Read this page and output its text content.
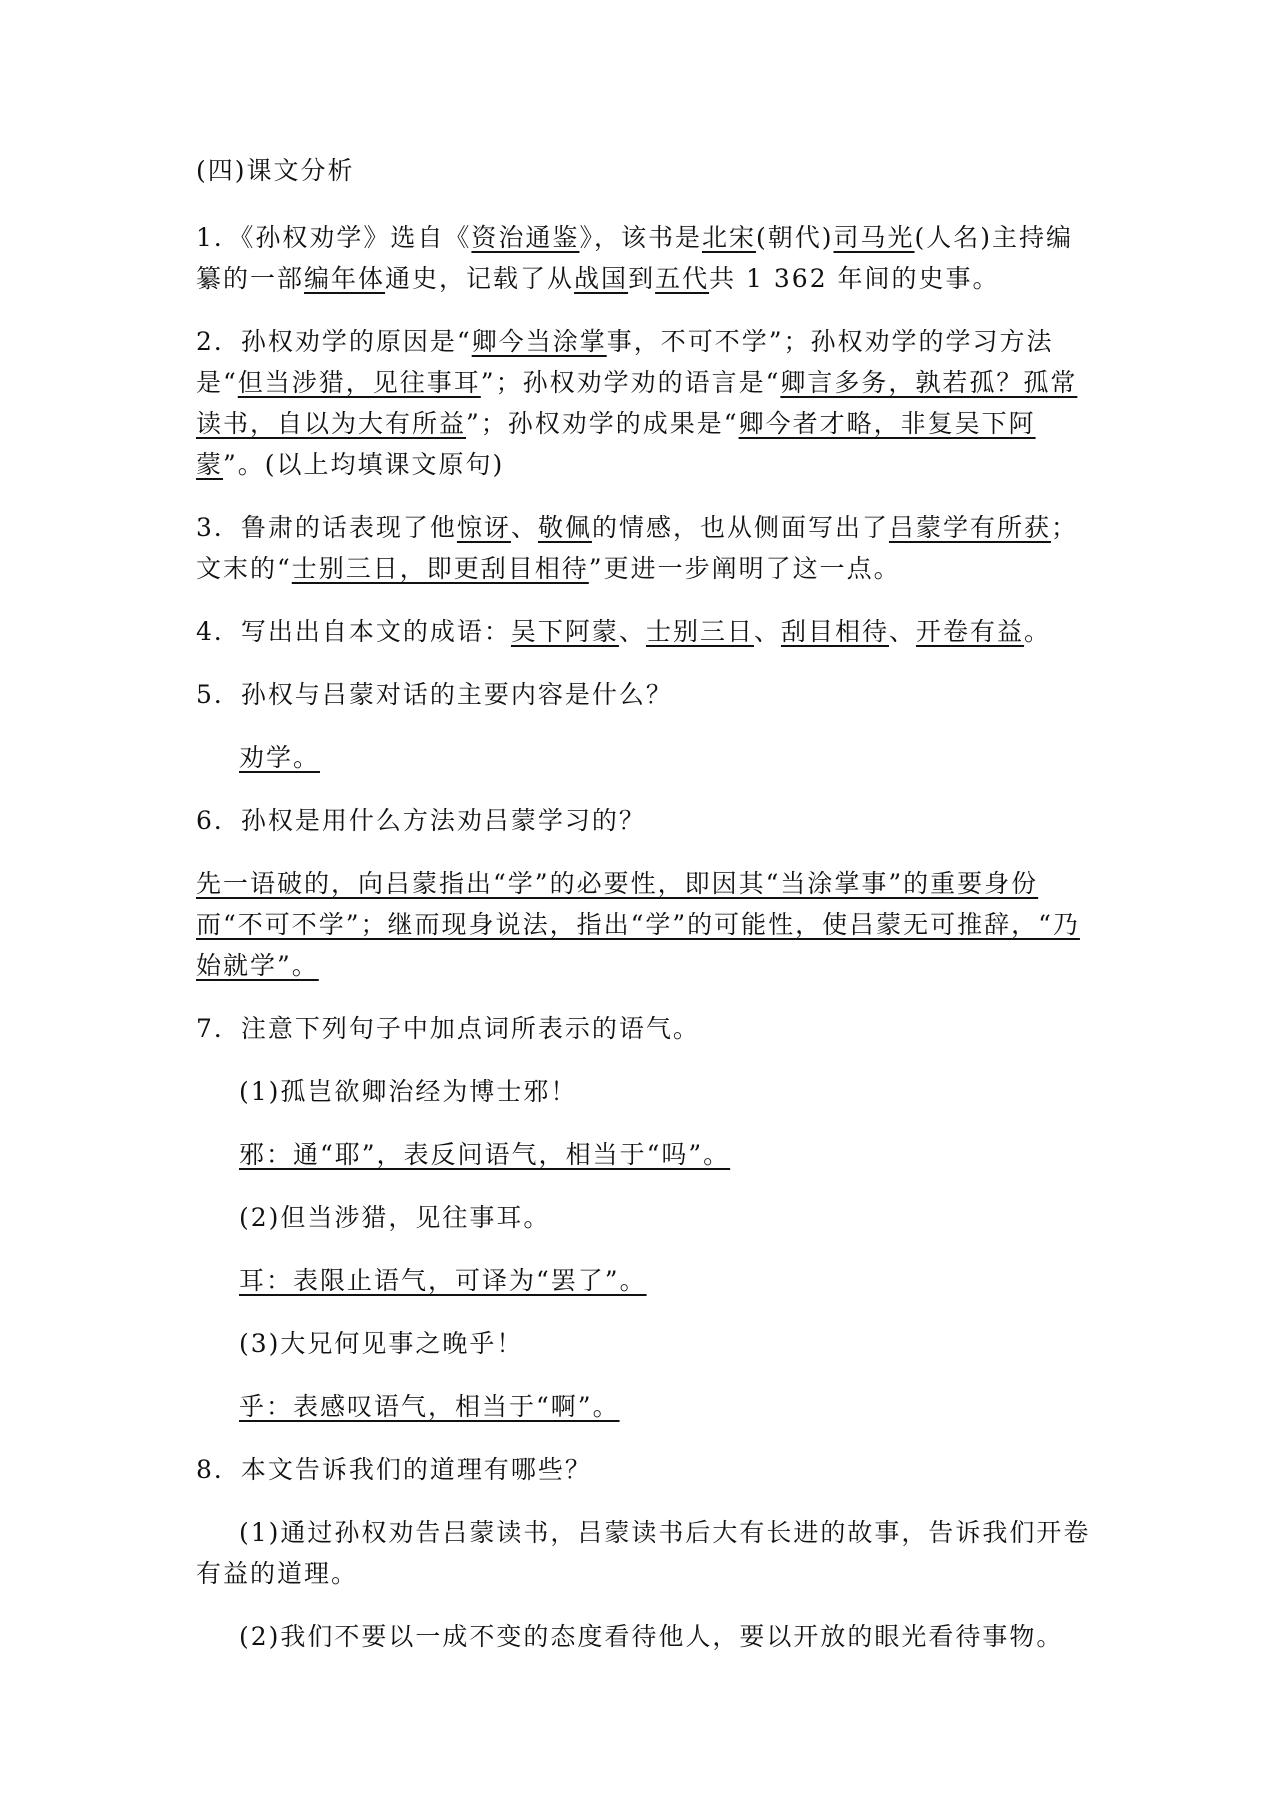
(四)课文分析

1．《孙权劝学》选自《资治通鉴》，该书是北宋(朝代)司马光(人名)主持编纂的一部编年体通史，记载了从战国到五代共 1 362 年间的史事。

2．孙权劝学的原因是“卿今当涂掌事，不可不学”；孙权劝学的学习方法是“但当涉猎，见往事耳”；孙权劝学劝的语言是“卿言多务，孰若孤？孤常读书，自以为大有所益”；孙权劝学的成果是“卿今者才略，非复吴下阿蒙”。(以上均填课文原句)

3．鲁肃的话表现了他惊讶、敬佩的情感，也从侧面写出了吕蒙学有所获；文末的“士别三日，即更刮目相待”更进一步阐明了这一点。

4．写出出自本文的成语：吴下阿蒙、士别三日、刮目相待、开卷有益。

5．孙权与吕蒙对话的主要内容是什么？

劝学。

6．孙权是用什么方法劝吕蒙学习的？

先一语破的，向吕蒙指出“学”的必要性，即因其“当涂掌事”的重要身份而“不可不学”；继而现身说法，指出“学”的可能性，使吕蒙无可推辞，“乃始就学”。

7．注意下列句子中加点词所表示的语气。

(1)孤岂欲卿治经为博士邪！

邪：通“耶”，表反问语气，相当于“吗”。

(2)但当涉猎，见往事耳。

耳：表限止语气，可译为“罢了”。

(3)大兄何见事之晚乎！

乎：表感叹语气，相当于“啊”。

8．本文告诉我们的道理有哪些？

(1)通过孙权劝告吕蒙读书，吕蒙读书后大有长进的故事，告诉我们开卷有益的道理。

(2)我们不要以一成不变的态度看待他人，要以开放的眼光看待事物。
